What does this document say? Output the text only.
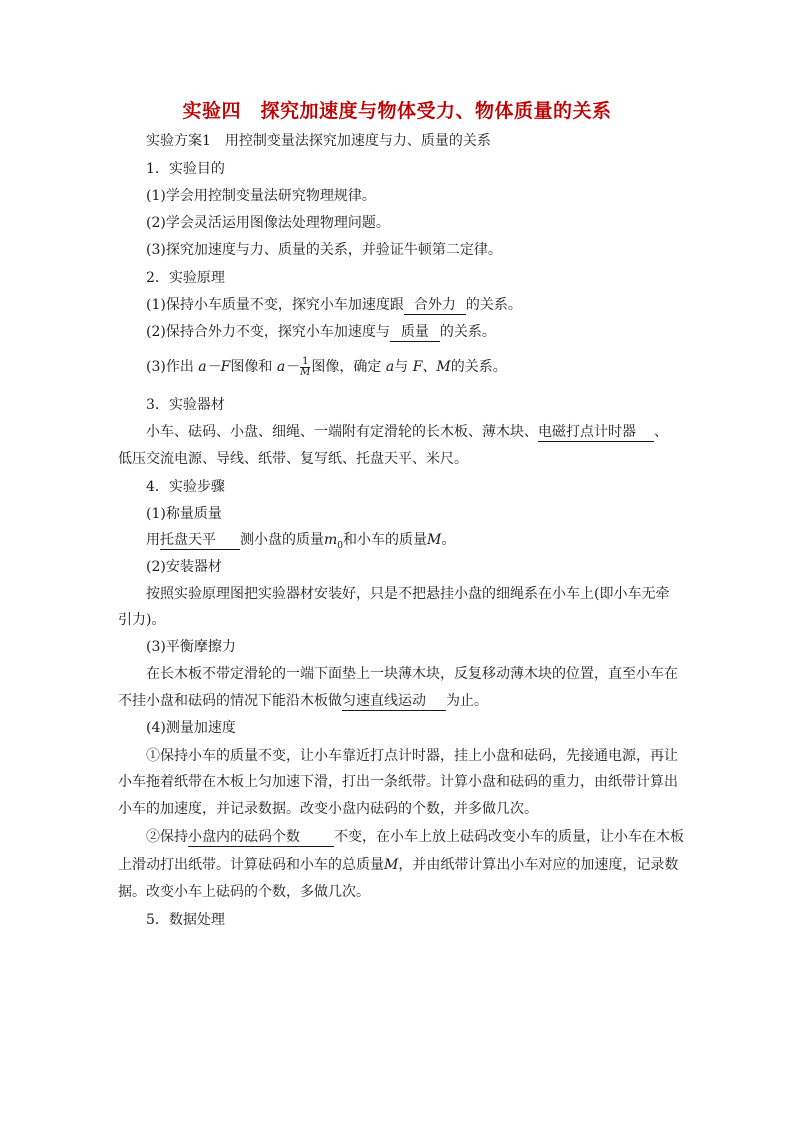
实验四　探究加速度与物体受力、物体质量的关系
实验方案1　用控制变量法探究加速度与力、质量的关系
1．实验目的
(1)学会用控制变量法研究物理规律。
(2)学会灵活运用图像法处理物理问题。
(3)探究加速度与力、质量的关系，并验证牛顿第二定律。
2．实验原理
(1)保持小车质量不变，探究小车加速度跟 合外力 的关系。
(2)保持合外力不变，探究小车加速度与 质量 的关系。
(3)作出 a－F图像和 $a- \frac{1}{M}$ 图像，确定 a与 F、M的关系。
3．实验器材
小车、砝码、小盘、细绳、一端附有定滑轮的长木板、薄木块、电磁打点计时器 、
低压交流电源、导线、纸带、复写纸、托盘天平、米尺。
4．实验步骤
(1)称量质量
用托盘天平 测小盘的质量$m_0$和小车的质量M。
(2)安装器材
按照实验原理图把实验器材安装好，只是不把悬挂小盘的细绳系在小车上(即小车无牵
引力)。
(3)平衡摩擦力
在长木板不带定滑轮的一端下面垫上一块薄木块，反复移动薄木块的位置，直至小车在
不挂小盘和砝码的情况下能沿木板做匀速直线运动 为止。
(4)测量加速度
①保持小车的质量不变，让小车靠近打点计时器，挂上小盘和砝码，先接通电源，再让
小车拖着纸带在木板上匀加速下滑，打出一条纸带。计算小盘和砝码的重力，由纸带计算出
小车的加速度，并记录数据。改变小盘内砝码的个数，并多做几次。
②保持小盘内的砝码个数 不变，在小车上放上砝码改变小车的质量，让小车在木板
上滑动打出纸带。计算砝码和小车的总质量M，并由纸带计算出小车对应的加速度，记录数
据。改变小车上砝码的个数，多做几次。
5．数据处理
